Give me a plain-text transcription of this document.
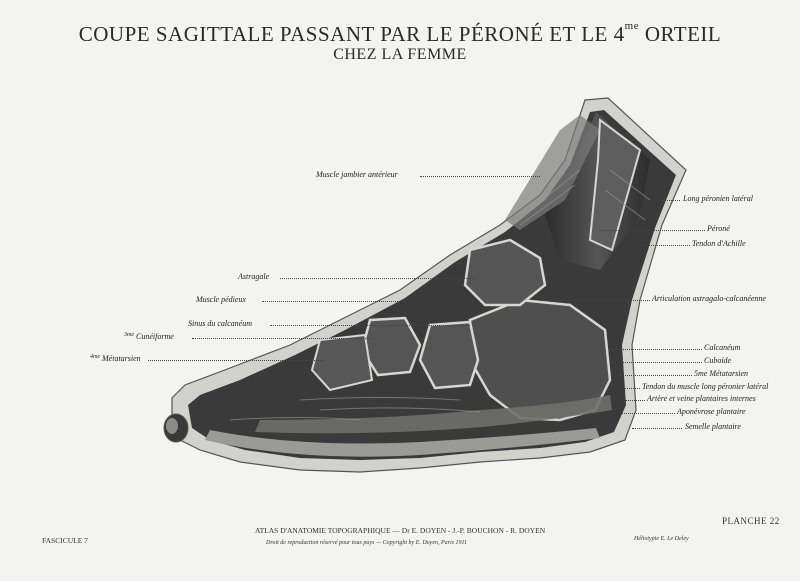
COUPE SAGITTALE PASSANT PAR LE PÉRONÉ ET LE $4^{me}$ ORTEIL
CHEZ LA FEMME
Muscle jambier antérieur
Astragale
Muscle pédieux
Sinus du calcanéum
$^{3me}$ Cunéiforme
$^{4me}$ Métatarsien
Long péronien latéral
Péroné
Tendon d'Achille
Articulation astragalo-calcanéenne
Calcanéum
Cuboïde
5me Métatarsien
Tendon du muscle long péronier latéral
Artère et veine plantaires internes
Aponévrose plantaire
Semelle plantaire
FASCICULE 7
ATLAS D'ANATOMIE TOPOGRAPHIQUE — Dr E. DOYEN - J.-P. BOUCHON - R. DOYEN
Droit de reproduction réservé pour tous pays — Copyright by E. Doyen, Paris 1911
Héliotypie E. Le Deley
PLANCHE 22
